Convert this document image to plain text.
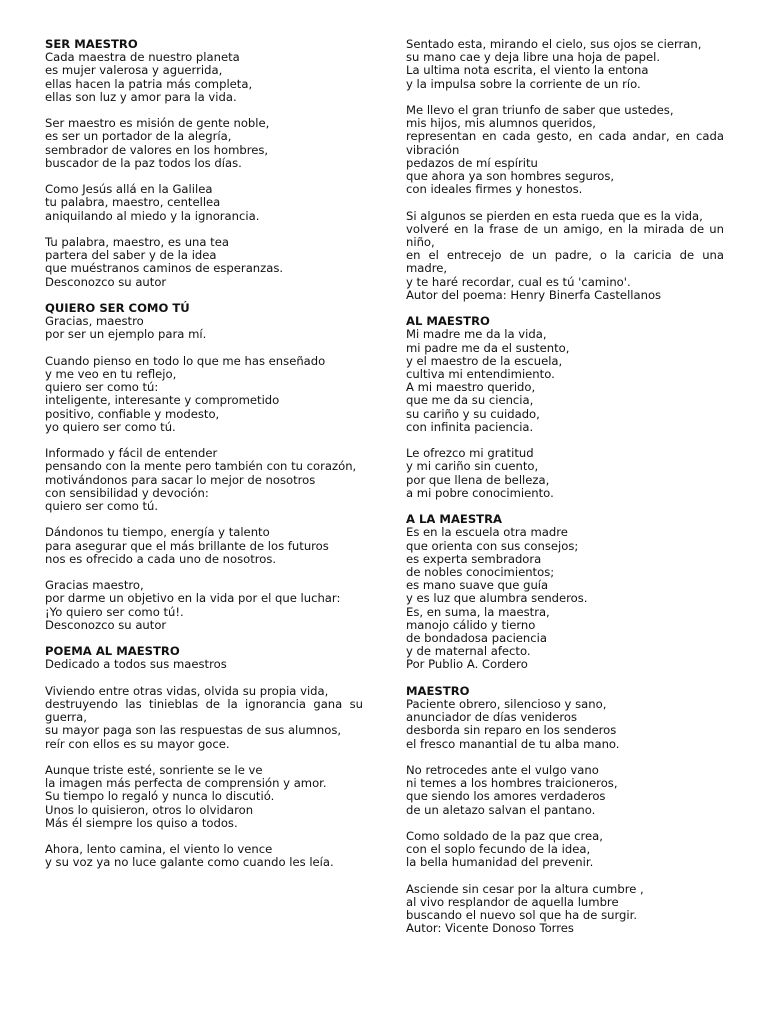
SER MAESTRO
Cada maestra de nuestro planeta
es mujer valerosa y aguerrida,
ellas hacen la patria más completa,
ellas son luz y amor para la vida.
Ser maestro es misión de gente noble,
es ser un portador de la alegría,
sembrador de valores en los hombres,
buscador de la paz todos los días.
Como Jesús allá en la Galilea
tu palabra, maestro, centellea
aniquilando al miedo y la ignorancia.
Tu palabra, maestro, es una tea
partera del saber y de la idea
que muéstranos caminos de esperanzas.
Desconozco su autor
QUIERO SER COMO TÚ
Gracias, maestro
por ser un ejemplo para mí.
Cuando pienso en todo lo que me has enseñado
y me veo en tu reflejo,
quiero ser como tú:
inteligente, interesante y comprometido
positivo, confiable y modesto,
yo quiero ser como tú.
Informado y fácil de entender
pensando con la mente pero también con tu corazón,
motivándonos para sacar lo mejor de nosotros
con sensibilidad y devoción:
quiero ser como tú.
Dándonos tu tiempo, energía y talento
para asegurar que el más brillante de los futuros
nos es ofrecido a cada uno de nosotros.
Gracias maestro,
por darme un objetivo en la vida por el que luchar:
¡Yo quiero ser como tú!.
Desconozco su autor
POEMA AL MAESTRO
Dedicado a todos sus maestros
Viviendo entre otras vidas, olvida su propia vida,
destruyendo las tinieblas de la ignorancia gana su guerra,
su mayor paga son las respuestas de sus alumnos,
reír con ellos es su mayor goce.
Aunque triste esté, sonriente se le ve
la imagen más perfecta de comprensión y amor.
Su tiempo lo regaló y nunca lo discutió.
Unos lo quisieron, otros lo olvidaron
Más él siempre los quiso a todos.
Ahora, lento camina, el viento lo vence
y su voz ya no luce galante como cuando les leía.
Sentado esta, mirando el cielo, sus ojos se cierran,
su mano cae y deja libre una hoja de papel.
La ultima nota escrita, el viento la entona
y la impulsa sobre la corriente de un río.
Me llevo el gran triunfo de saber que ustedes,
mis hijos, mis alumnos queridos,
representan en cada gesto, en cada andar, en cada vibración
pedazos de mí espíritu
que ahora ya son hombres seguros,
con ideales firmes y honestos.
Si algunos se pierden en esta rueda que es la vida,
volveré en la frase de un amigo, en la mirada de un niño,
en el entrecejo de un padre, o la caricia de una madre,
y te haré recordar, cual es tú 'camino'.
Autor del poema: Henry Binerfa Castellanos
AL MAESTRO
Mi madre me da la vida,
mi padre me da el sustento,
y el maestro de la escuela,
cultiva mi entendimiento.
A mi maestro querido,
que me da su ciencia,
su cariño y su cuidado,
con infinita paciencia.
Le ofrezco mi gratitud
y mi cariño sin cuento,
por que llena de belleza,
a mi pobre conocimiento.
A LA MAESTRA
Es en la escuela otra madre
que orienta con sus consejos;
es experta sembradora
de nobles conocimientos;
es mano suave que guía
y es luz que alumbra senderos.
Es, en suma, la maestra,
manojo cálido y tierno
de bondadosa paciencia
y de maternal afecto.
Por Publio A. Cordero
MAESTRO
Paciente obrero, silencioso y sano,
anunciador de días venideros
desborda sin reparo en los senderos
el fresco manantial de tu alba mano.
No retrocedes ante el vulgo vano
ni temes a los hombres traicioneros,
que siendo los amores verdaderos
de un aletazo salvan el pantano.
Como soldado de la paz que crea,
con el soplo fecundo de la idea,
la bella humanidad del prevenir.
Asciende sin cesar por la altura cumbre ,
al vivo resplandor de aquella lumbre
buscando el nuevo sol que ha de surgir.
Autor: Vicente Donoso Torres
